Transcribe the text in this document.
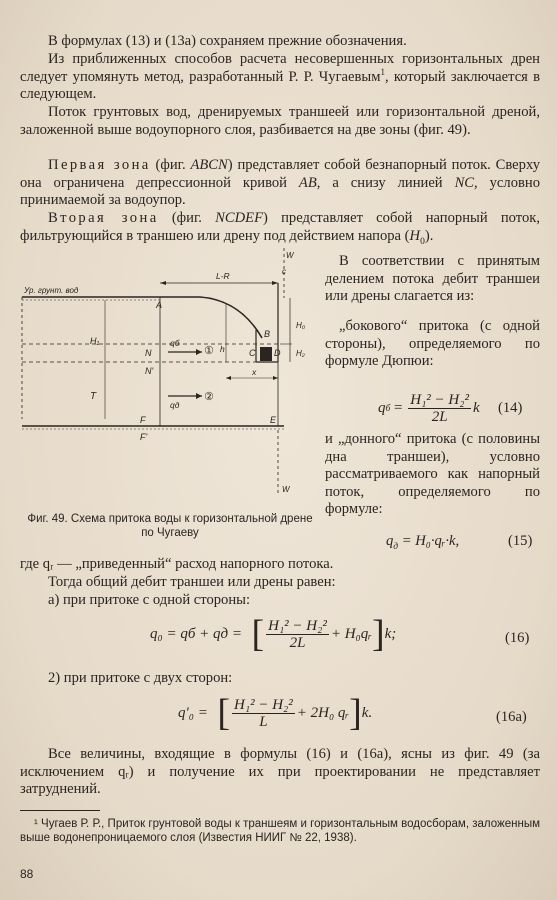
В формулах (13) и (13а) сохраняем прежние обозначения.

Из приближенных способов расчета несовершенных горизонтальных дрен следует упомянуть метод, разработанный Р. Р. Чугаевым$^1$, который заключается в следующем.

Поток грунтовых вод, дренируемых траншеей или горизонтальной дреной, заложенной выше водоупорного слоя, разбивается на две зоны (фиг. 49).

Первая зона (фиг. ABCN) представляет собой безнапорный поток. Сверху она ограничена депрессионной кривой AB, а снизу линией NC, условно принимаемой за водоупор.

Вторая зона (фиг. NCDEF) представляет собой напорный поток, фильтрующийся в траншею или дрену под действием напора $(H_0)$.

В соответствии с принятым делением потока дебит траншеи или дрены слагается из:

„бокового“ притока (с одной стороны), определяемого по формуле Дюпюи:

q $б = \frac{\text{H₁² − H₂²}}{2L}$ k (14)

и „донного“ притока (с половины дна траншеи), условно рассматриваемого как напорный поток, определяемого по формуле:

$q_д$ = H₀·qᵣ·k,	(15)
Ур. грунт. вод
L-R
A
B
C D
W
c
H₀
H₂
N
N'
H₁
T
h
x
qб
①
qд
②
F
F'
E
W

Фиг. 49. Схема притока воды к горизонтальной дрене по Чугаеву

где qᵣ — „приведенный“ расход напорного потока.

Тогда общий дебит траншеи или дрены равен:

а) при притоке с одной стороны:

q₀ = qб + qд = [ $\frac{\text{H₁² − H₂²}}{2L}$ + H₀qᵣ ] k;	(16)

2) при притоке с двух сторон:

q′₀ = [ $\frac{\text{H₁² − H₂²}}{L} + 2H_0$ qᵣ ] k.	(16а)

Все величины, входящие в формулы (16) и (16а), ясны из фиг. 49 (за исключением qᵣ) и получение их при проектировании не представляет затруднений.

¹ Чугаев Р. Р., Приток грунтовой воды к траншеям и горизонтальным водосборам, заложенным выше водонепроницаемого слоя (Известия НИИГ № 22, 1938).

88
